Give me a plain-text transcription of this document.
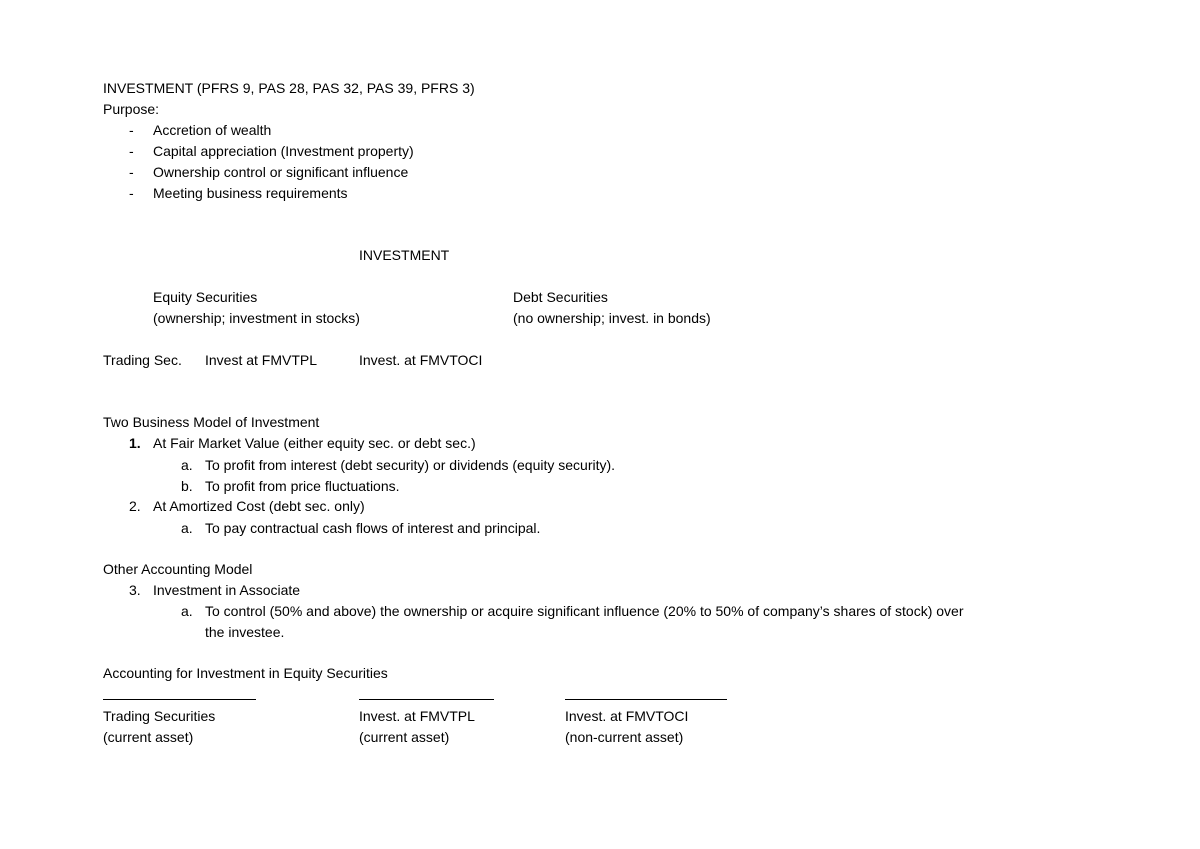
INVESTMENT (PFRS 9, PAS 28, PAS 32, PAS 39, PFRS 3)
Purpose:
- Accretion of wealth
- Capital appreciation (Investment property)
- Ownership control or significant influence
- Meeting business requirements
INVESTMENT
Equity Securities
(ownership; investment in stocks)
Debt Securities
(no ownership; invest. in bonds)
Trading Sec. Invest at FMVTPL	Invest. at FMVTOCI
Two Business Model of Investment
1. At Fair Market Value (either equity sec. or debt sec.)
a. To profit from interest (debt security) or dividends (equity security).
b. To profit from price fluctuations.
2. At Amortized Cost (debt sec. only)
a. To pay contractual cash flows of interest and principal.
Other Accounting Model
3. Investment in Associate
a. To control (50% and above) the ownership or acquire significant influence (20% to 50% of company’s shares of stock) over
the investee.
Accounting for Investment in Equity Securities
Trading Securities
(current asset)
Invest. at FMVTPL
(current asset)
Invest. at FMVTOCI
(non-current asset)
